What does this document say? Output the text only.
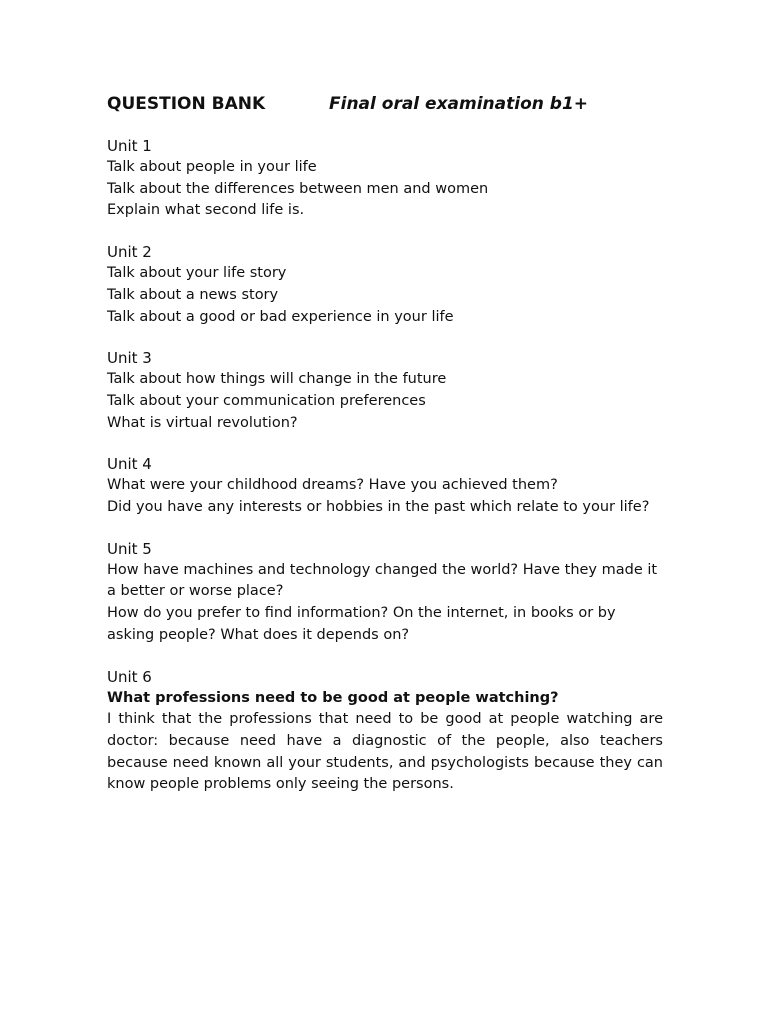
QUESTION BANK	Final oral examination b1+

Unit 1

Talk about people in your life

Talk about the differences between men and women

Explain what second life is.

Unit 2

Talk about your life story

Talk about a news story

Talk about a good or bad experience in your life

Unit 3

Talk about how things will change in the future

Talk about your communication preferences

What is virtual revolution?

Unit 4

What were your childhood dreams? Have you achieved them?

Did you have any interests or hobbies in the past which relate to your life?

Unit 5

How have machines and technology changed the world? Have they made it a better or worse place?

How do you prefer to find information? On the internet, in books or by asking people? What does it depends on?

Unit 6

What professions need to be good at people watching?

I think that the professions that need to be good at people watching are doctor: because need have a diagnostic of the people, also teachers because need known all your students, and psychologists because they can know people problems only seeing the persons.
